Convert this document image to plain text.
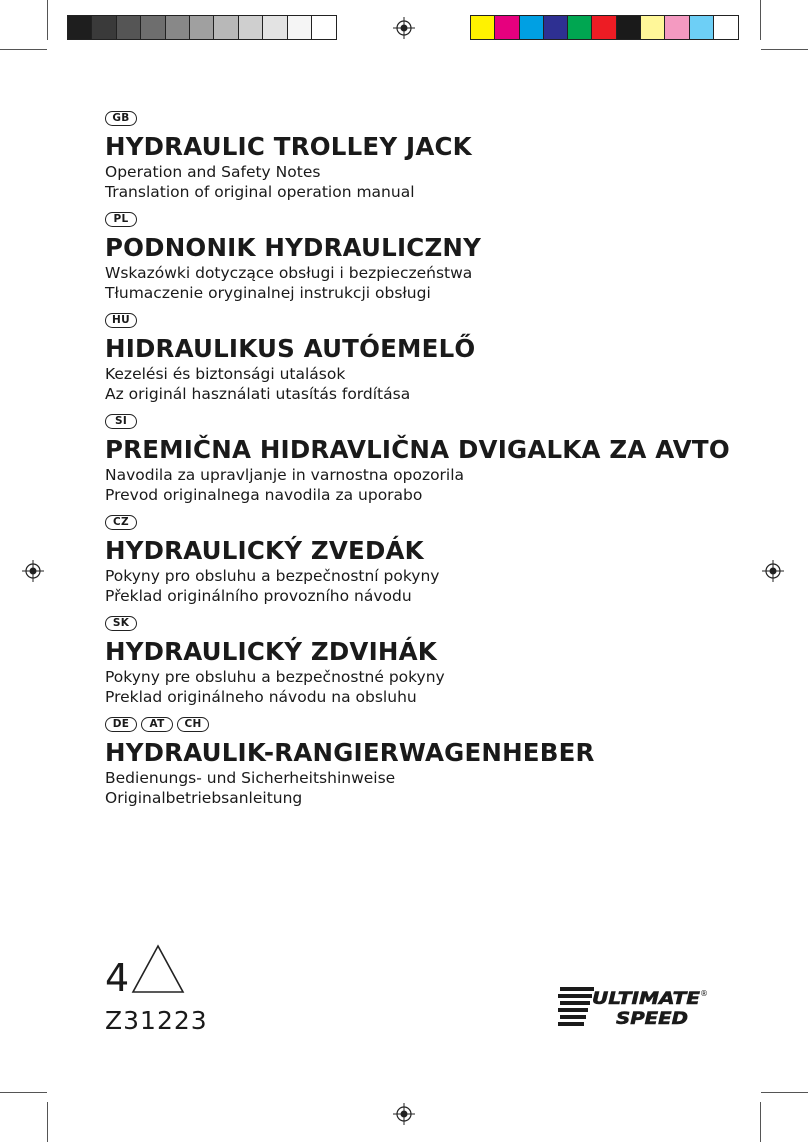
GB
HYDRAULIC TROLLEY JACK
Operation and Safety Notes
Translation of original operation manual
PL
PODNONIK HYDRAULICZNY
Wskazówki dotyczące obsługi i bezpieczeństwa
Tłumaczenie oryginalnej instrukcji obsługi
HU
HIDRAULIKUS AUTÓEMELŐ
Kezelési és biztonsági utalások
Az originál használati utasítás fordítása
SI
PREMIČNA HIDRAVLIČNA DVIGALKA ZA AVTO
Navodila za upravljanje in varnostna opozorila
Prevod originalnega navodila za uporabo
CZ
HYDRAULICKÝ ZVEDÁK
Pokyny pro obsluhu a bezpečnostní pokyny
Překlad originálního provozního návodu
SK
HYDRAULICKÝ ZDVIHÁK
Pokyny pre obsluhu a bezpečnostné pokyny
Preklad originálneho návodu na obsluhu
DE	AT	CH
HYDRAULIK-RANGIERWAGENHEBER
Bedienungs- und Sicherheitshinweise
Originalbetriebsanleitung
4
Z31223
ULTIMATE
SPEED
®
